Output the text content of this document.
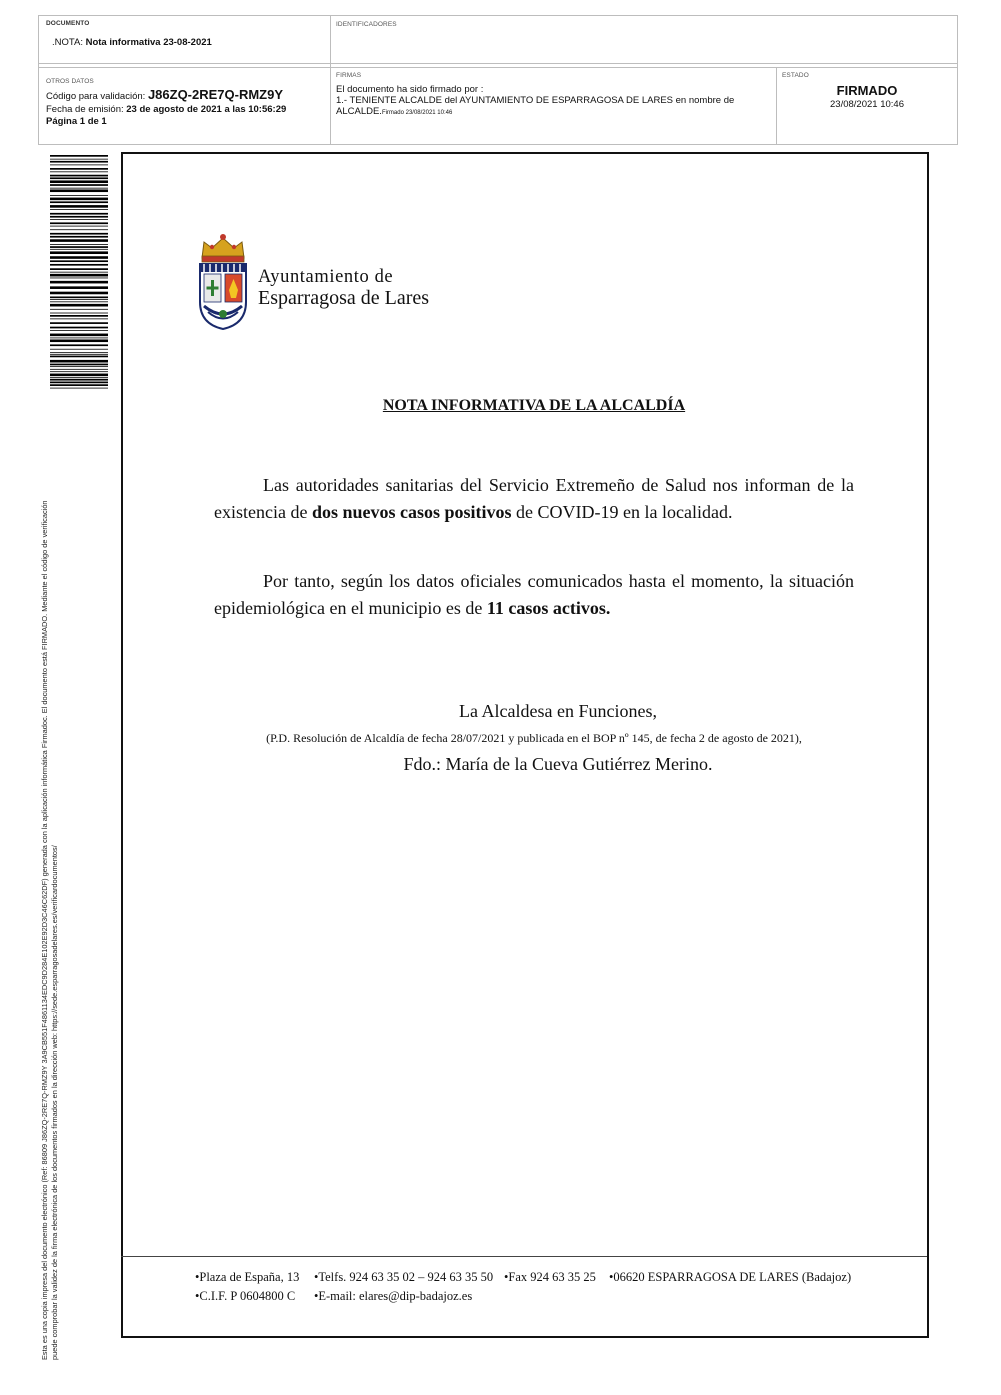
DOCUMENTO
.NOTA: Nota informativa 23-08-2021
IDENTIFICADORES
OTROS DATOS
Código para validación: J86ZQ-2RE7Q-RMZ9Y
Fecha de emisión: 23 de agosto de 2021 a las 10:56:29
Página 1 de 1
FIRMAS
El documento ha sido firmado por :
1.- TENIENTE ALCALDE del AYUNTAMIENTO DE ESPARRAGOSA DE LARES en nombre de
ALCALDE.Firmado 23/08/2021 10:46
ESTADO
FIRMADO
23/08/2021 10:46
Esta es una copia impresa del documento electrónico (Ref: 86809 J86ZQ-2RE7Q-RMZ9Y 3A9CB551F4861134EDC9D284E102E92D3C46C62DF) generada con la aplicación informática Firmadoc. El documento está FIRMADO. Mediante el código de verificación puede comprobar la validez de la firma electrónica de los documentos firmados en la dirección web: https://sede.esparragosadelares.es/verificardocumentos/
Ayuntamiento de
Esparragosa de Lares
NOTA INFORMATIVA DE LA ALCALDÍA
Las autoridades sanitarias del Servicio Extremeño de Salud nos informan de la existencia de dos nuevos casos positivos de COVID-19 en la localidad.
Por tanto, según los datos oficiales comunicados hasta el momento, la situación epidemiológica en el municipio es de 11 casos activos.
La Alcaldesa en Funciones,
(P.D. Resolución de Alcaldía de fecha 28/07/2021 y publicada en el BOP nº 145, de fecha 2 de agosto de 2021),
Fdo.: María de la Cueva Gutiérrez Merino.
•Plaza de España, 13 •Telfs. 924 63 35 02 – 924 63 35 50 •Fax 924 63 35 25 •06620 ESPARRAGOSA DE LARES (Badajoz)
•C.I.F. P 0604800 C •E-mail: elares@dip-badajoz.es
